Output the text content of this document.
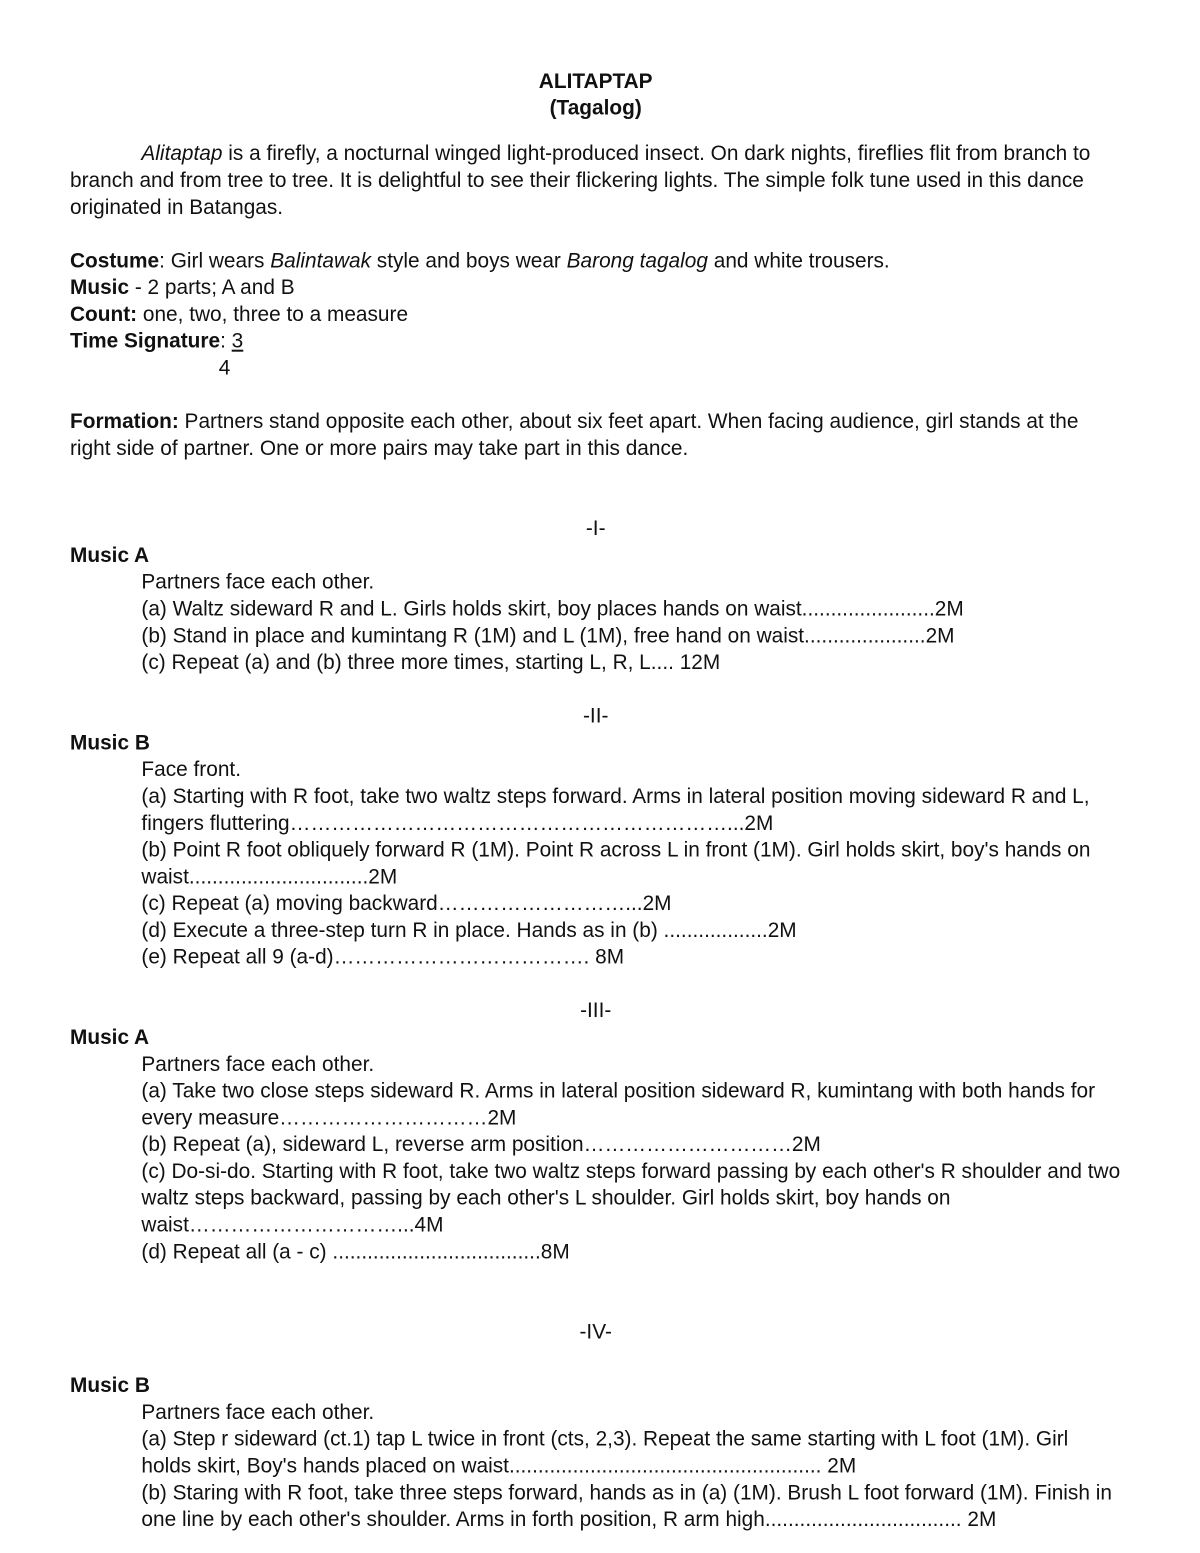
ALITAPTAP
(Tagalog)
Alitaptap is a firefly, a nocturnal winged light-produced insect. On dark nights, fireflies flit from branch to branch and from tree to tree. It is delightful to see their flickering lights. The simple folk tune used in this dance originated in Batangas.
Costume: Girl wears Balintawak style and boys wear Barong tagalog and white trousers.
Music - 2 parts; A and B
Count: one, two, three to a measure
Time Signature: 3
4
Formation: Partners stand opposite each other, about six feet apart. When facing audience, girl stands at the right side of partner. One or more pairs may take part in this dance.
-I-
Music A
Partners face each other.
(a) Waltz sideward R and L. Girls holds skirt, boy places hands on waist.......................2M
(b) Stand in place and kumintang R (1M) and L (1M), free hand on waist.....................2M
(c) Repeat (a) and (b) three more times, starting L, R, L.... 12M
-II-
Music B
Face front.
(a) Starting with R foot, take two waltz steps forward. Arms in lateral position moving sideward R and L, fingers fluttering………………………………………………………...2M
(b) Point R foot obliquely forward R (1M). Point R across L in front (1M). Girl holds skirt, boy's hands on waist...............................2M
(c) Repeat (a) moving backward………………………...2M
(d) Execute a three-step turn R in place. Hands as in (b) ..................2M
(e) Repeat all 9 (a-d)………………………………. 8M
-III-
Music A
Partners face each other.
(a) Take two close steps sideward R. Arms in lateral position sideward R, kumintang with both hands for every measure…………………………2M
(b) Repeat (a), sideward L, reverse arm position…………………………2M
(c) Do-si-do. Starting with R foot, take two waltz steps forward passing by each other's R shoulder and two waltz steps backward, passing by each other's L shoulder. Girl holds skirt, boy hands on waist…………………………...4M
(d) Repeat all (a - c) ....................................8M
-IV-
Music B
Partners face each other.
(a) Step r sideward (ct.1) tap L twice in front (cts, 2,3). Repeat the same starting with L foot (1M). Girl holds skirt, Boy's hands placed on waist...................................................... 2M
(b) Staring with R foot, take three steps forward, hands as in (a) (1M). Brush L foot forward (1M). Finish in one line by each other's shoulder. Arms in forth position, R arm high.................................. 2M
